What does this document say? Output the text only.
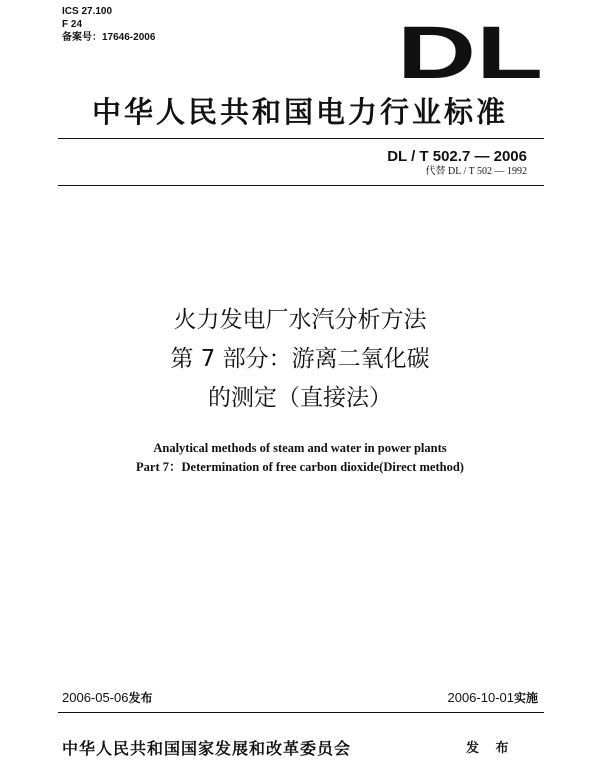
ICS 27.100
F 24
备案号：17646-2006	DL
中华人民共和国电力行业标准
DL / T 502.7 — 2006
代替 DL / T 502 — 1992
火力发电厂水汽分析方法
第 7 部分：游离二氧化碳
的测定（直接法）
Analytical methods of steam and water in power plants
Part 7：Determination of free carbon dioxide(Direct method)
2006-05-06发布	2006-10-01实施
中华人民共和国国家发展和改革委员会	发 布
